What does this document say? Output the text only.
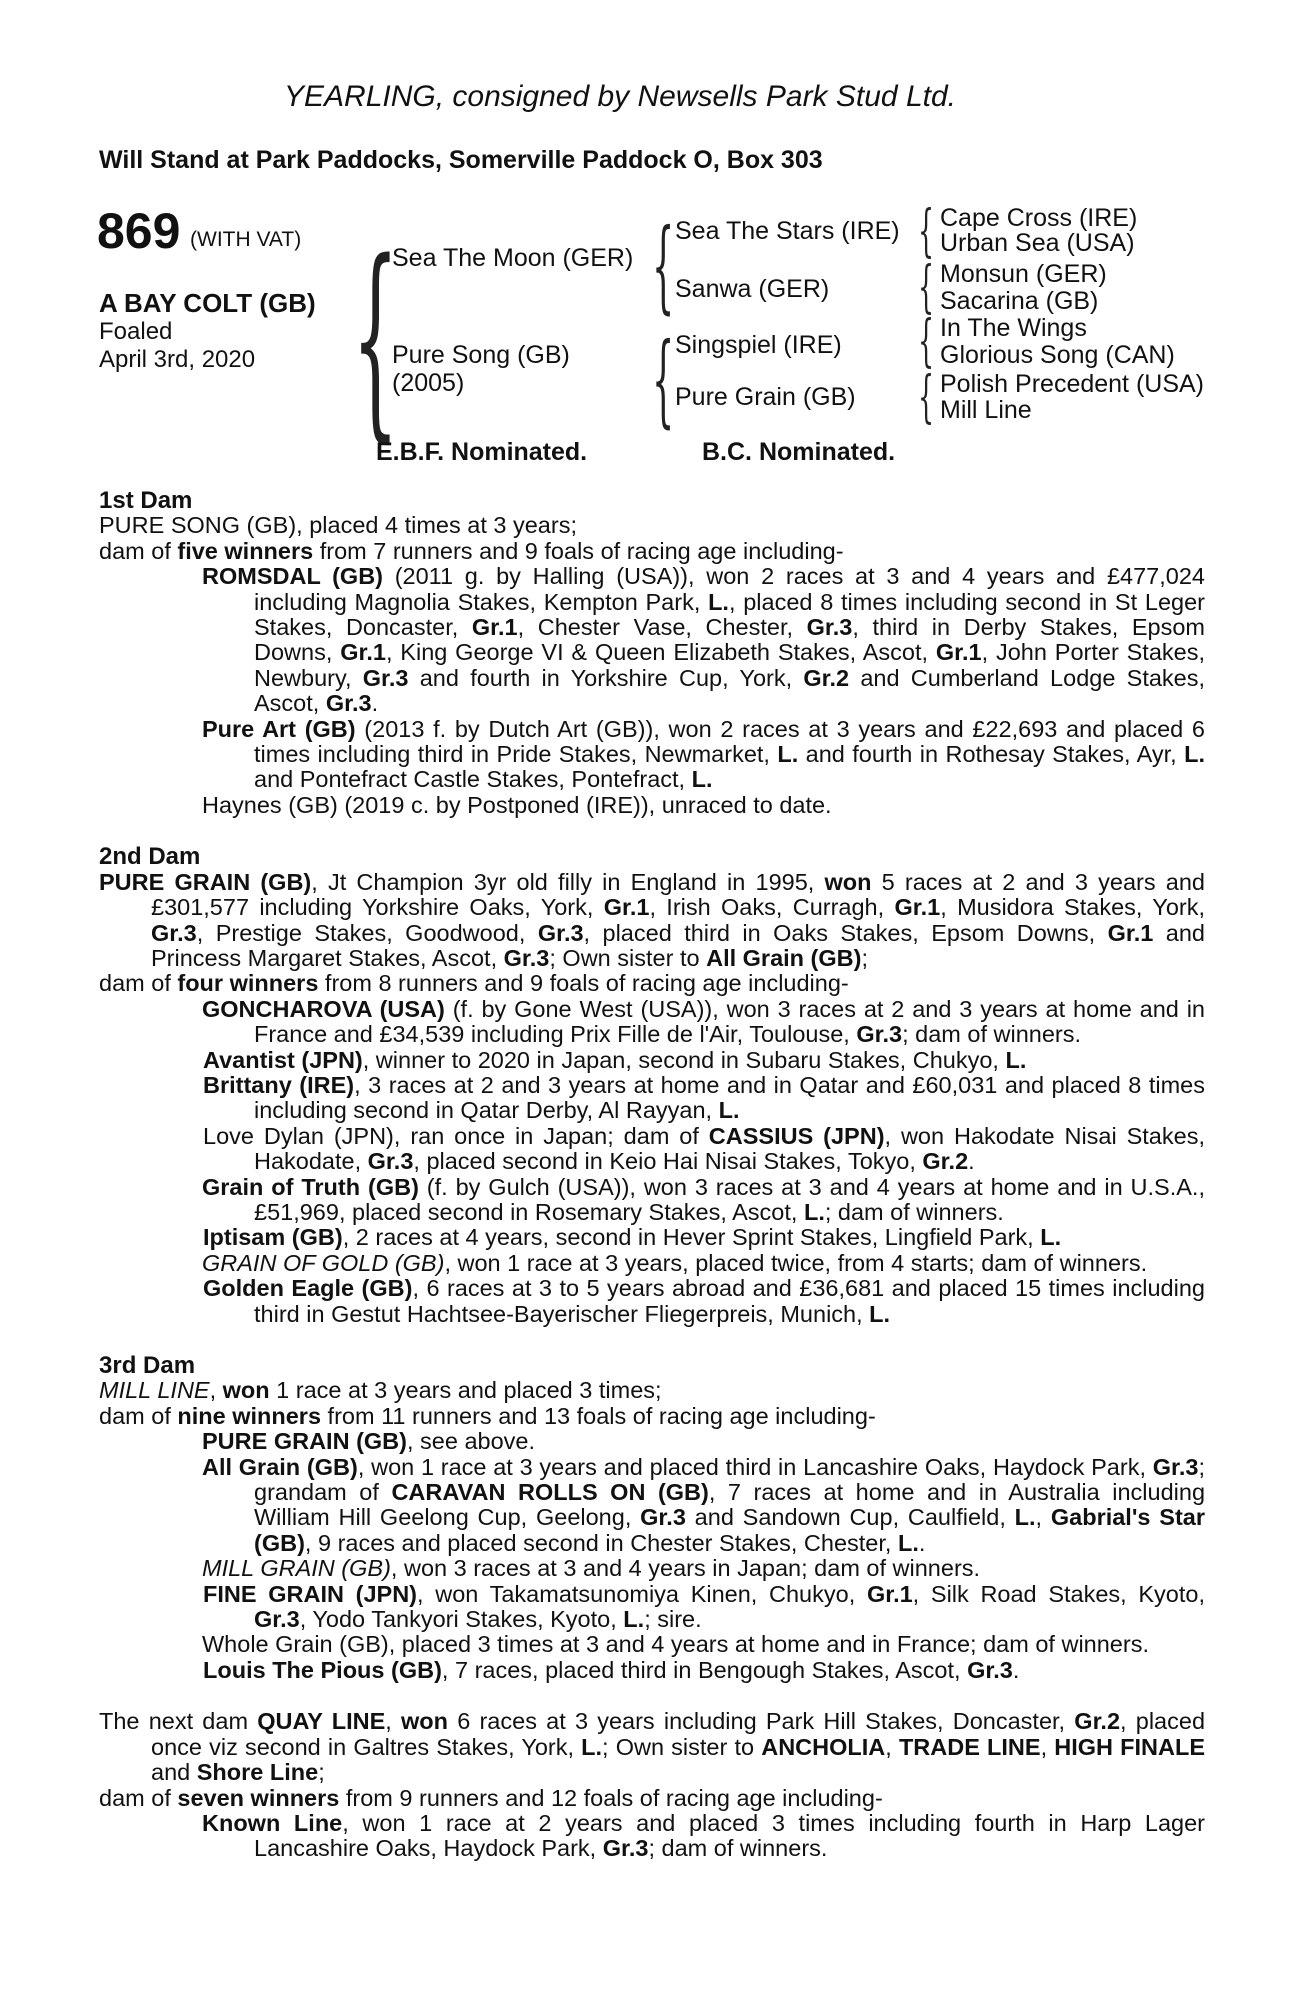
YEARLING, consigned by Newsells Park Stud Ltd.
Will Stand at Park Paddocks, Somerville Paddock O, Box 303
869 (WITH VAT)
A BAY COLT (GB)
Foaled
April 3rd, 2020 {	{
{
{
{
{
{
Sea The Moon (GER)
Pure Song (GB)
(2005)
Sea The Stars (IRE)
Sanwa (GER)
Singspiel (IRE)
Pure Grain (GB)
Cape Cross (IRE)
Urban Sea (USA)
Monsun (GER)
Sacarina (GB)
In The Wings
Glorious Song (CAN)
Polish Precedent (USA)
Mill Line
E.B.F. Nominated.	B.C. Nominated.

1st Dam

PURE SONG (GB), placed 4 times at 3 years;

dam of five winners from 7 runners and 9 foals of racing age including-

ROMSDAL (GB) (2011 g. by Halling (USA)), won 2 races at 3 and 4 years and £477,024 including Magnolia Stakes, Kempton Park, L., placed 8 times including second in St Leger Stakes, Doncaster, Gr.1, Chester Vase, Chester, Gr.3, third in Derby Stakes, Epsom Downs, Gr.1, King George VI & Queen Elizabeth Stakes, Ascot, Gr.1, John Porter Stakes, Newbury, Gr.3 and fourth in Yorkshire Cup, York, Gr.2 and Cumberland Lodge Stakes, Ascot, Gr.3.

Pure Art (GB) (2013 f. by Dutch Art (GB)), won 2 races at 3 years and £22,693 and placed 6 times including third in Pride Stakes, Newmarket, L. and fourth in Rothesay Stakes, Ayr, L. and Pontefract Castle Stakes, Pontefract, L.

Haynes (GB) (2019 c. by Postponed (IRE)), unraced to date.

2nd Dam

PURE GRAIN (GB), Jt Champion 3yr old filly in England in 1995, won 5 races at 2 and 3 years and £301,577 including Yorkshire Oaks, York, Gr.1, Irish Oaks, Curragh, Gr.1, Musidora Stakes, York, Gr.3, Prestige Stakes, Goodwood, Gr.3, placed third in Oaks Stakes, Epsom Downs, Gr.1 and Princess Margaret Stakes, Ascot, Gr.3; Own sister to All Grain (GB);

dam of four winners from 8 runners and 9 foals of racing age including-

GONCHAROVA (USA) (f. by Gone West (USA)), won 3 races at 2 and 3 years at home and in France and £34,539 including Prix Fille de l'Air, Toulouse, Gr.3; dam of winners.

Avantist (JPN), winner to 2020 in Japan, second in Subaru Stakes, Chukyo, L.

Brittany (IRE), 3 races at 2 and 3 years at home and in Qatar and £60,031 and placed 8 times including second in Qatar Derby, Al Rayyan, L.

Love Dylan (JPN), ran once in Japan; dam of CASSIUS (JPN), won Hakodate Nisai Stakes, Hakodate, Gr.3, placed second in Keio Hai Nisai Stakes, Tokyo, Gr.2.

Grain of Truth (GB) (f. by Gulch (USA)), won 3 races at 3 and 4 years at home and in U.S.A., £51,969, placed second in Rosemary Stakes, Ascot, L.; dam of winners.

Iptisam (GB), 2 races at 4 years, second in Hever Sprint Stakes, Lingfield Park, L.

GRAIN OF GOLD (GB), won 1 race at 3 years, placed twice, from 4 starts; dam of winners.

Golden Eagle (GB), 6 races at 3 to 5 years abroad and £36,681 and placed 15 times including third in Gestut Hachtsee-Bayerischer Fliegerpreis, Munich, L.

3rd Dam

MILL LINE, won 1 race at 3 years and placed 3 times;

dam of nine winners from 11 runners and 13 foals of racing age including-

PURE GRAIN (GB), see above.

All Grain (GB), won 1 race at 3 years and placed third in Lancashire Oaks, Haydock Park, Gr.3; grandam of CARAVAN ROLLS ON (GB), 7 races at home and in Australia including William Hill Geelong Cup, Geelong, Gr.3 and Sandown Cup, Caulfield, L., Gabrial's Star (GB), 9 races and placed second in Chester Stakes, Chester, L..

MILL GRAIN (GB), won 3 races at 3 and 4 years in Japan; dam of winners.

FINE GRAIN (JPN), won Takamatsunomiya Kinen, Chukyo, Gr.1, Silk Road Stakes, Kyoto, Gr.3, Yodo Tankyori Stakes, Kyoto, L.; sire.

Whole Grain (GB), placed 3 times at 3 and 4 years at home and in France; dam of winners.

Louis The Pious (GB), 7 races, placed third in Bengough Stakes, Ascot, Gr.3.

The next dam QUAY LINE, won 6 races at 3 years including Park Hill Stakes, Doncaster, Gr.2, placed once viz second in Galtres Stakes, York, L.; Own sister to ANCHOLIA, TRADE LINE, HIGH FINALE and Shore Line;

dam of seven winners from 9 runners and 12 foals of racing age including-

Known Line, won 1 race at 2 years and placed 3 times including fourth in Harp Lager Lancashire Oaks, Haydock Park, Gr.3; dam of winners.
